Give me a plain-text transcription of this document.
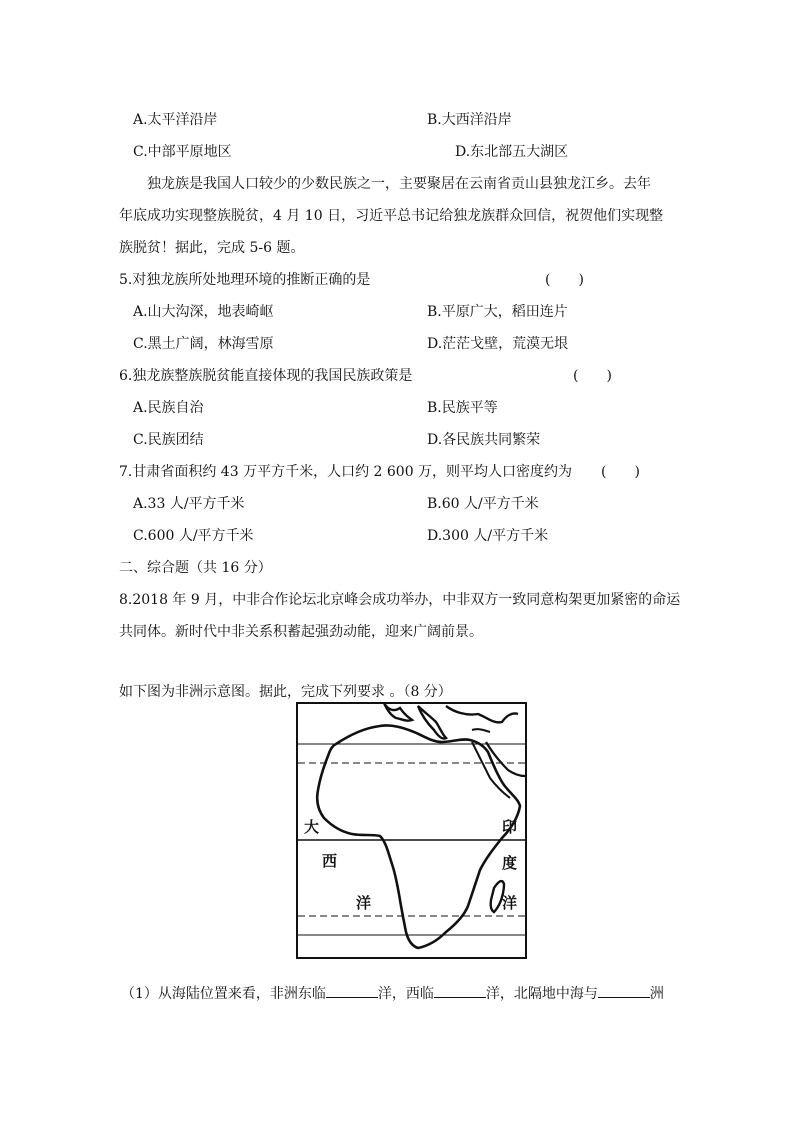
A.太平洋沿岸	B.大西洋沿岸
C.中部平原地区	D.东北部五大湖区
独龙族是我国人口较少的少数民族之一，主要聚居在云南省贡山县独龙江乡。去年
年底成功实现整族脱贫，4 月 10 日，习近平总书记给独龙族群众回信，祝贺他们实现整
族脱贫！据此，完成 5-6 题。
5.对独龙族所处地理环境的推断正确的是	(　　)
A.山大沟深，地表崎岖	B.平原广大，稻田连片
C.黑土广阔，林海雪原	D.茫茫戈壁，荒漠无垠
6.独龙族整族脱贫能直接体现的我国民族政策是	(　　)
A.民族自治	B.民族平等
C.民族团结	D.各民族共同繁荣
7.甘肃省面积约 43 万平方千米，人口约 2 600 万，则平均人口密度约为 (　　)
A.33 人/平方千米	B.60 人/平方千米
C.600 人/平方千米	D.300 人/平方千米
二、综合题（共 16 分）
8.2018 年 9 月，中非合作论坛北京峰会成功举办，中非双方一致同意构架更加紧密的命运
共同体。新时代中非关系积蓄起强劲动能，迎来广阔前景。
如下图为非洲示意图。据此，完成下列要求 。（8 分）
大
西
洋
印
度
洋
（1）从海陆位置来看，非洲东临	洋，西临	洋，北隔地中海与	洲
